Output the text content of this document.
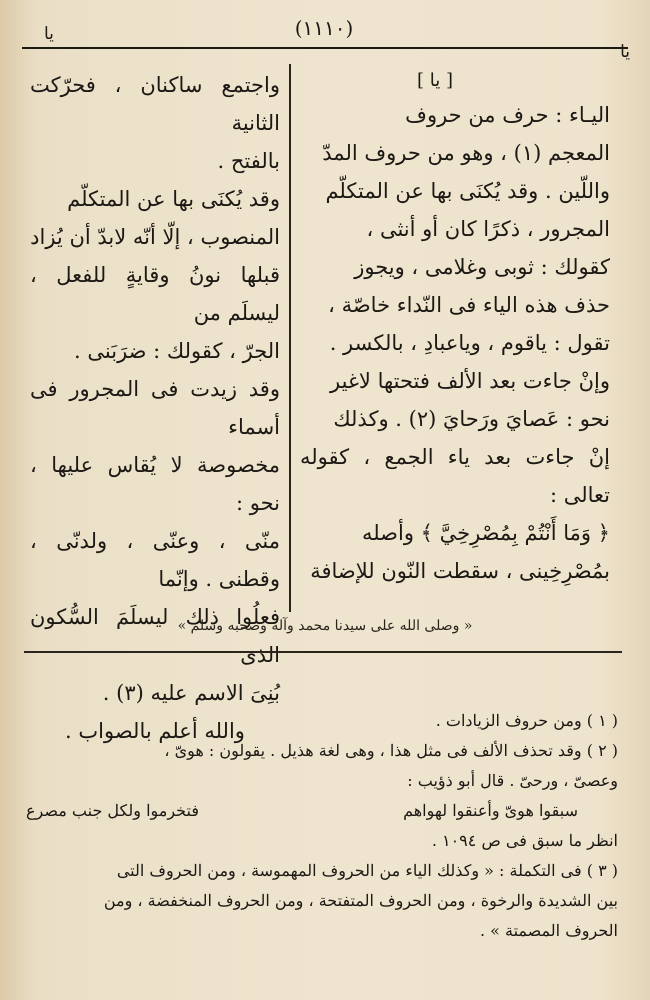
يا	(١١١٠)
يا

[ يا ]

اليـاء : حرف من حروف

المعجم (١) ، وهو من حروف المدّ

واللّين . وقد يُكنَى بها عن المتكلّم

المجرور ، ذكرًا كان أو أنثى ،

كقولك : ثوبى وغلامى ، ويجوز

حذف هذه الياء فى النّداء خاصّة ،

تقول : ياقوم ، وياعبادِ ، بالكسر .

وإنْ جاءت بعد الألف فتحتها لاغير

نحو : عَصايَ ورَحايَ (٢) . وكذلك

إنْ جاءت بعد ياء الجمع ، كقوله تعالى :

﴿ وَمَا أَنْتُمْ بِمُصْرِخِيَّ ﴾ وأصله

بمُصْرِخِينى ، سقطت النّون للإضافة

واجتمع ساكنان ، فحرّكت الثانية

بالفتح .

وقد يُكنَى بها عن المتكلّم

المنصوب ، إلّا أنّه لابدّ أن يُزاد

قبلها نونُ وقايةٍ للفعل ، ليسلَم من

الجرّ ، كقولك : ضرَبَنى .

وقد زيدت فى المجرور فى أسماء

مخصوصة لا يُقاس عليها ، نحو :

منّى ، وعنّى ، ولدنّى ، وقطنى . وإنّما

فعلُوا ذلك ليسلَمَ السُّكون الذى

بُنِىَ الاسم عليه (٣) .

والله أعلم بالصواب .

« وصلى الله على سيدنا محمد وآله وصحبه وسلم »

( ١ ) ومن حروف الزيادات .

( ٢ ) وقد تحذف الألف فى مثل هذا ، وهى لغة هذيل . يقولون : هوىّ ،

وعصىّ ، ورحىّ . قال أبو ذؤيب :

سبقوا هوىّ وأعنقوا لهواهم
فتخرموا ولكل جنب مصرع

انظر ما سبق فى ص ١٠٩٤ .

( ٣ ) فى التكملة : « وكذلك الياء من الحروف المهموسة ، ومن الحروف التى

بين الشديدة والرخوة ، ومن الحروف المتفتحة ، ومن الحروف المنخفضة ، ومن

الحروف المصمتة » .
